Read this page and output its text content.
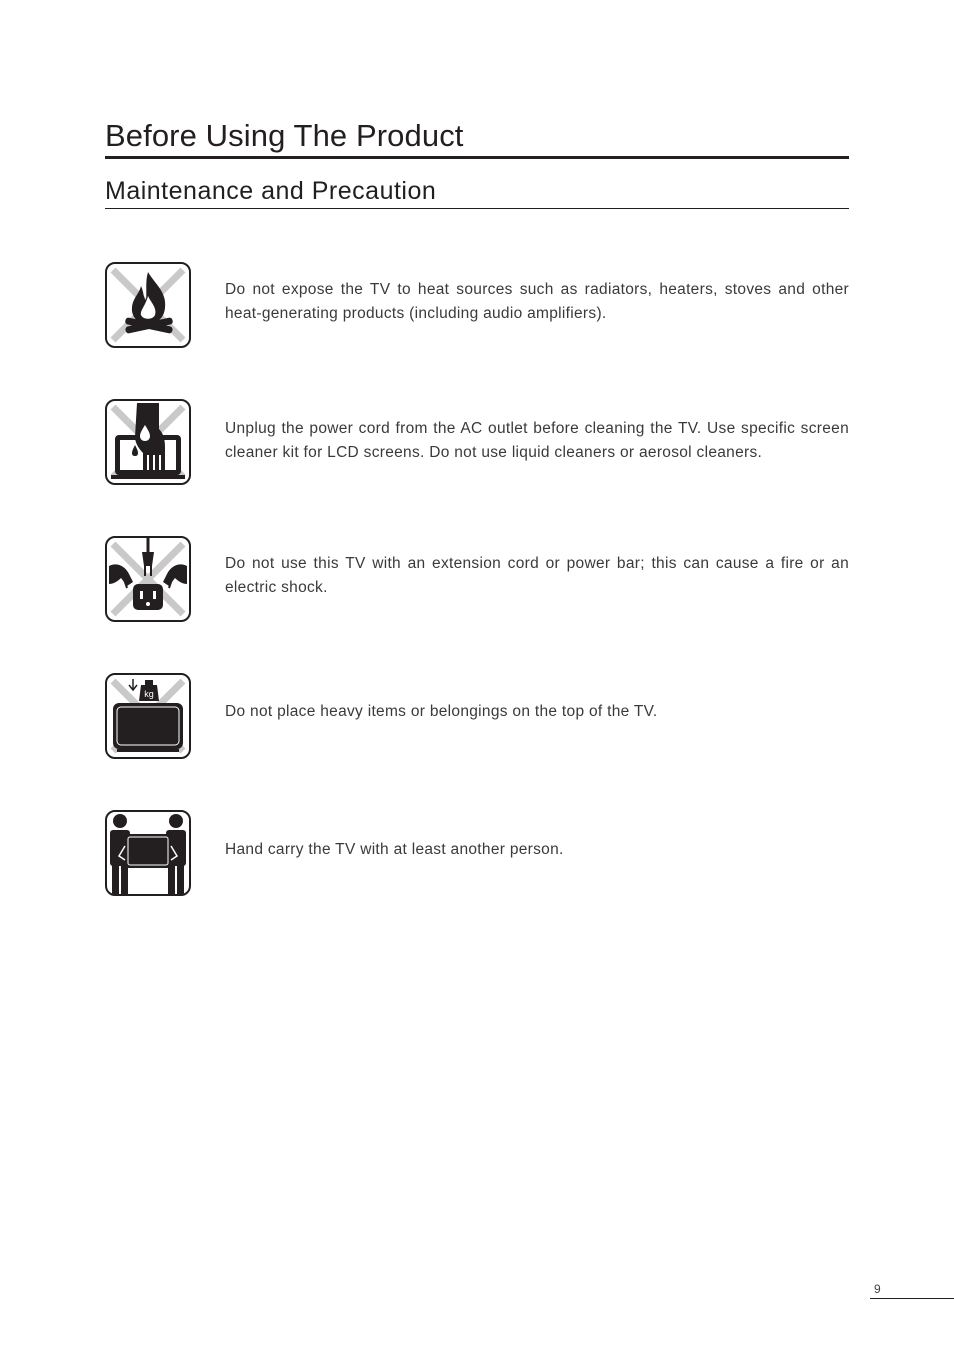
Before Using The Product
Maintenance and Precaution
Do not expose the TV to heat sources such as radiators, heaters, stoves and other heat-generating products (including audio amplifiers).
Unplug the power cord from the AC outlet before cleaning the TV. Use specific screen cleaner kit for LCD screens. Do not use liquid cleaners or aerosol cleaners.
Do not use this TV with an extension cord or power bar; this can cause a fire or an electric shock.
kg
Do not place heavy items or belongings on the top of the TV.
Hand carry the TV with at least another person.
9
